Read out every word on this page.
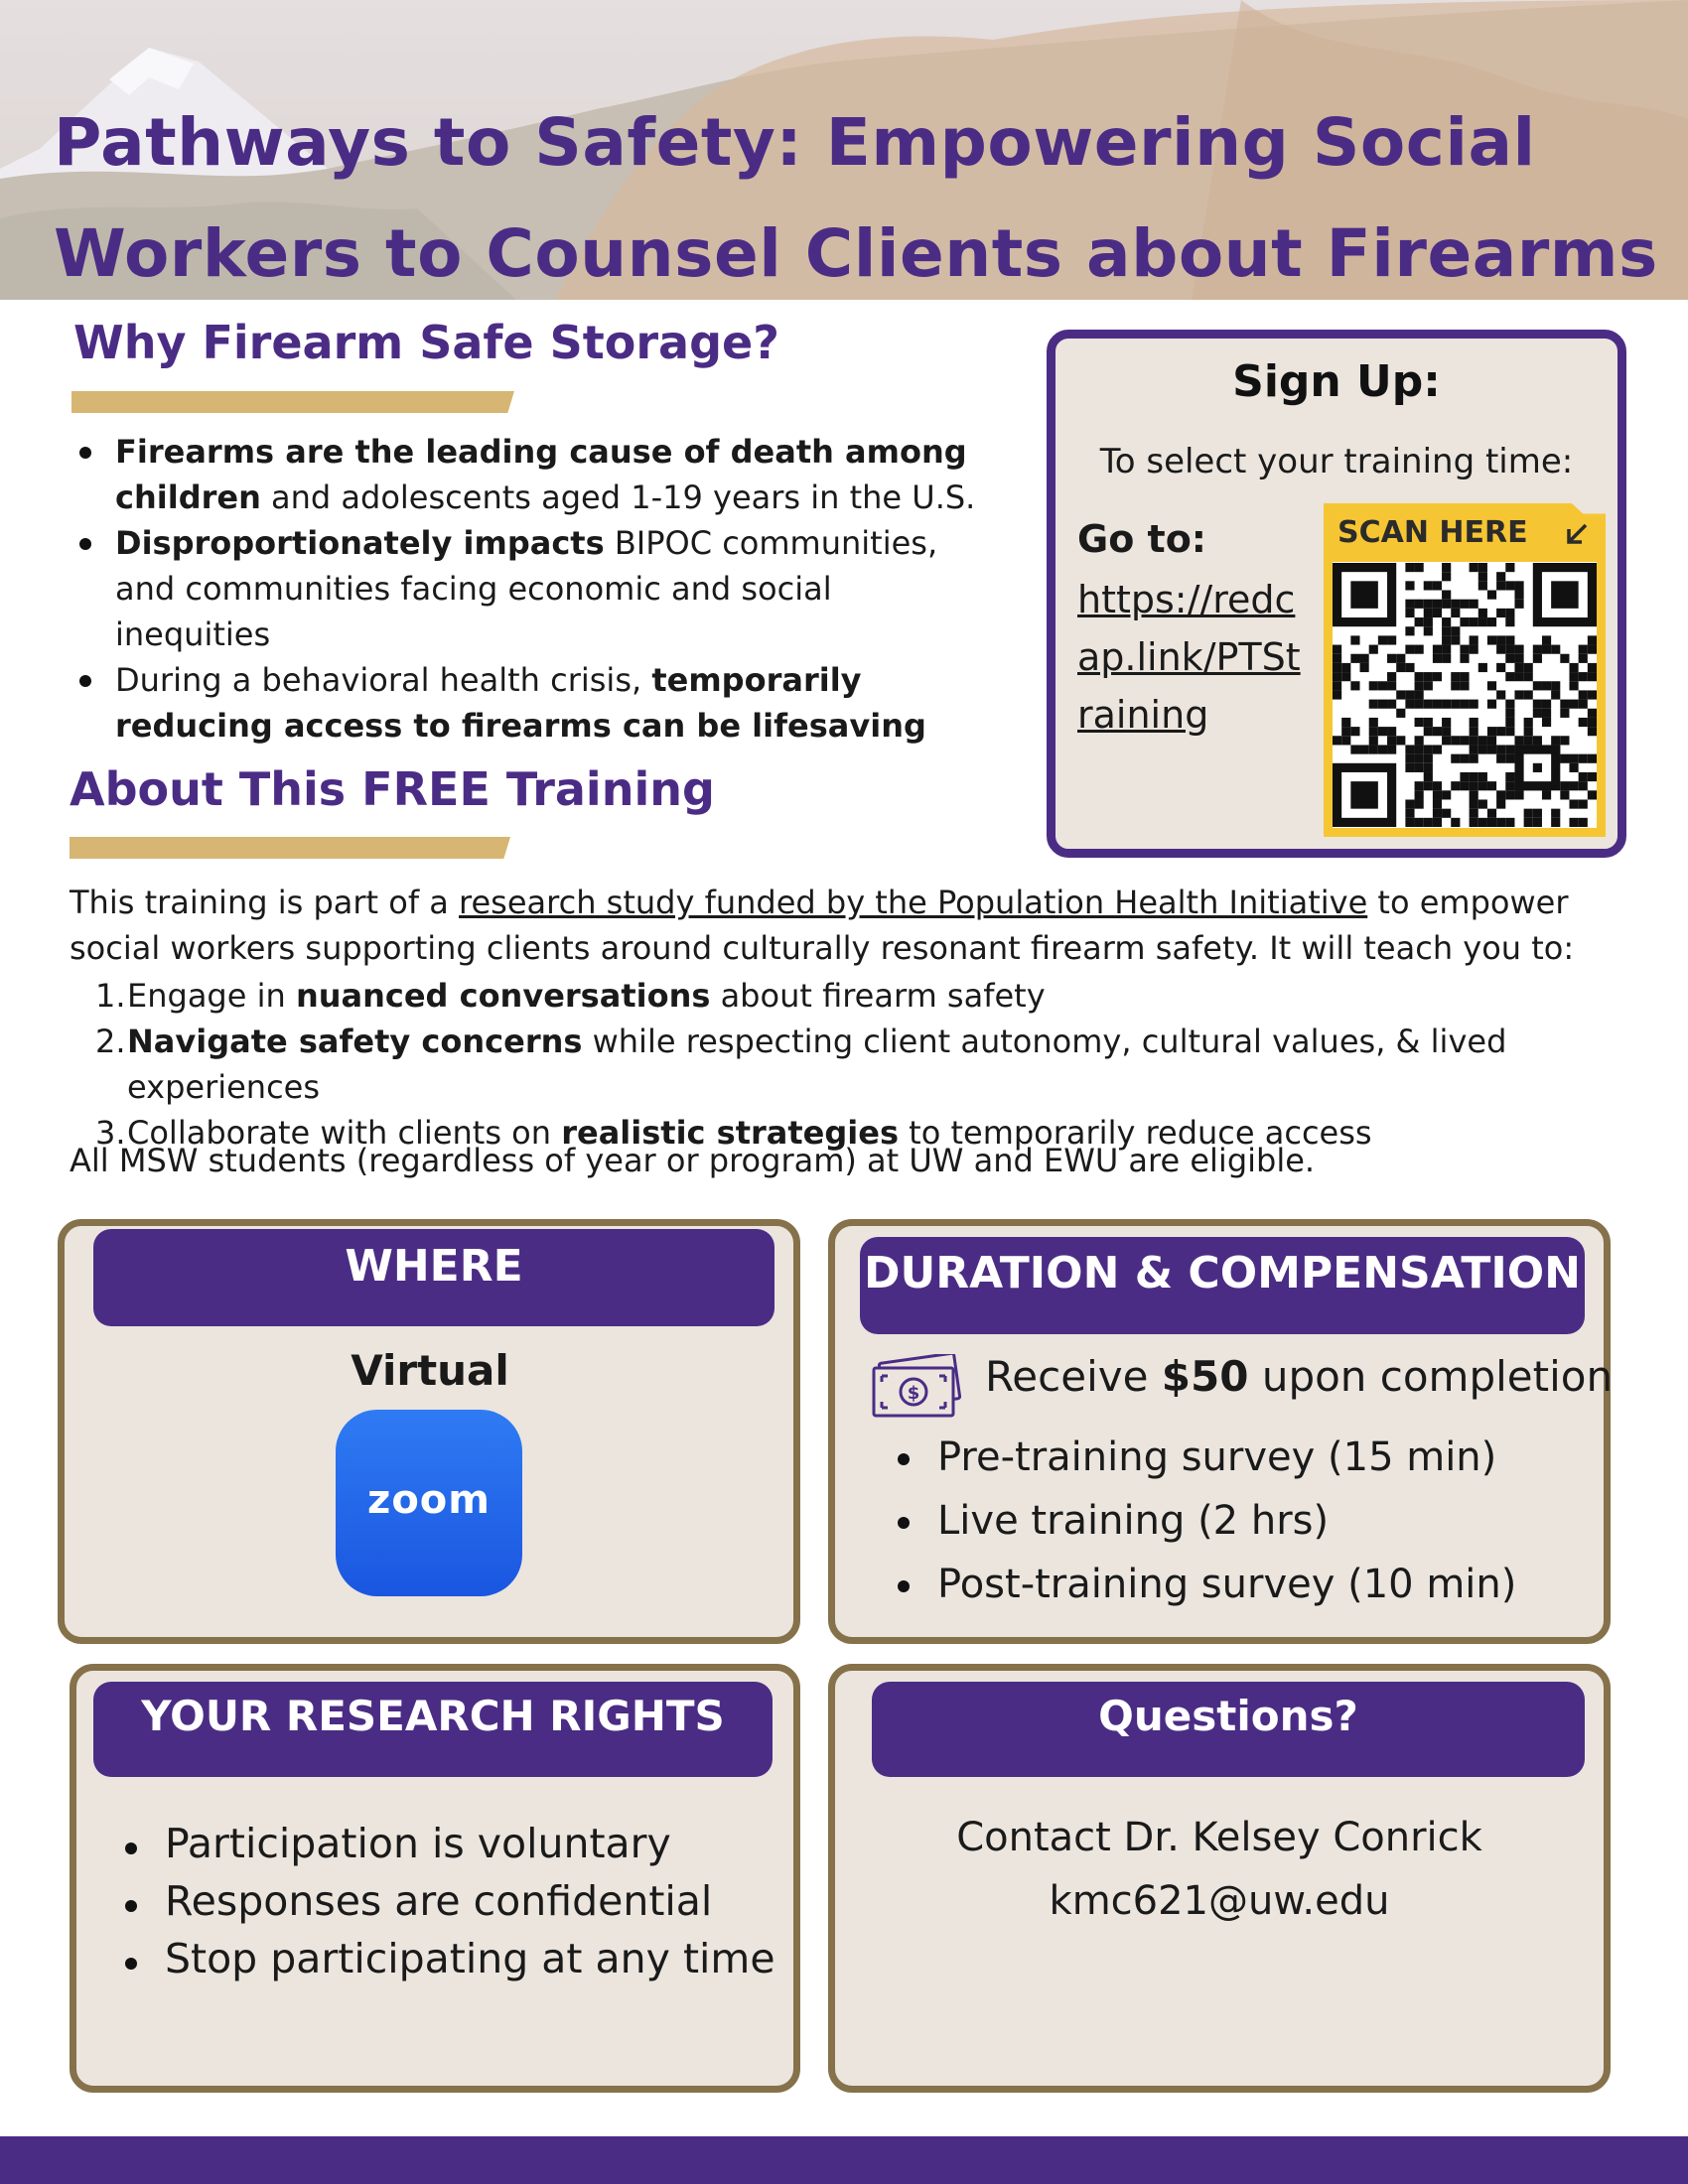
Pathways to Safety: Empowering Social Workers to Counsel Clients about Firearms
Why Firearm Safe Storage?
Firearms are the leading cause of death among children and adolescents aged 1-19 years in the U.S.
Disproportionately impacts BIPOC communities, and communities facing economic and social inequities
During a behavioral health crisis, temporarily reducing access to firearms can be lifesaving
Sign Up:
To select your training time:
Go to:
https://redcap.link/PTStraining
SCAN HERE
About This FREE Training
This training is part of a research study funded by the Population Health Initiative to empower social workers supporting clients around culturally resonant firearm safety. It will teach you to:
1. Engage in nuanced conversations about firearm safety
2. Navigate safety concerns while respecting client autonomy, cultural values, & lived experiences
3. Collaborate with clients on realistic strategies to temporarily reduce access
All MSW students (regardless of year or program) at UW and EWU are eligible.
WHERE
Virtual
zoom
DURATION & COMPENSATION
$ Receive $50 upon completion
Pre-training survey (15 min)
Live training (2 hrs)
Post-training survey (10 min)
YOUR RESEARCH RIGHTS
Participation is voluntary
Responses are confidential
Stop participating at any time
Questions?
Contact Dr. Kelsey Conrick
kmc621@uw.edu
